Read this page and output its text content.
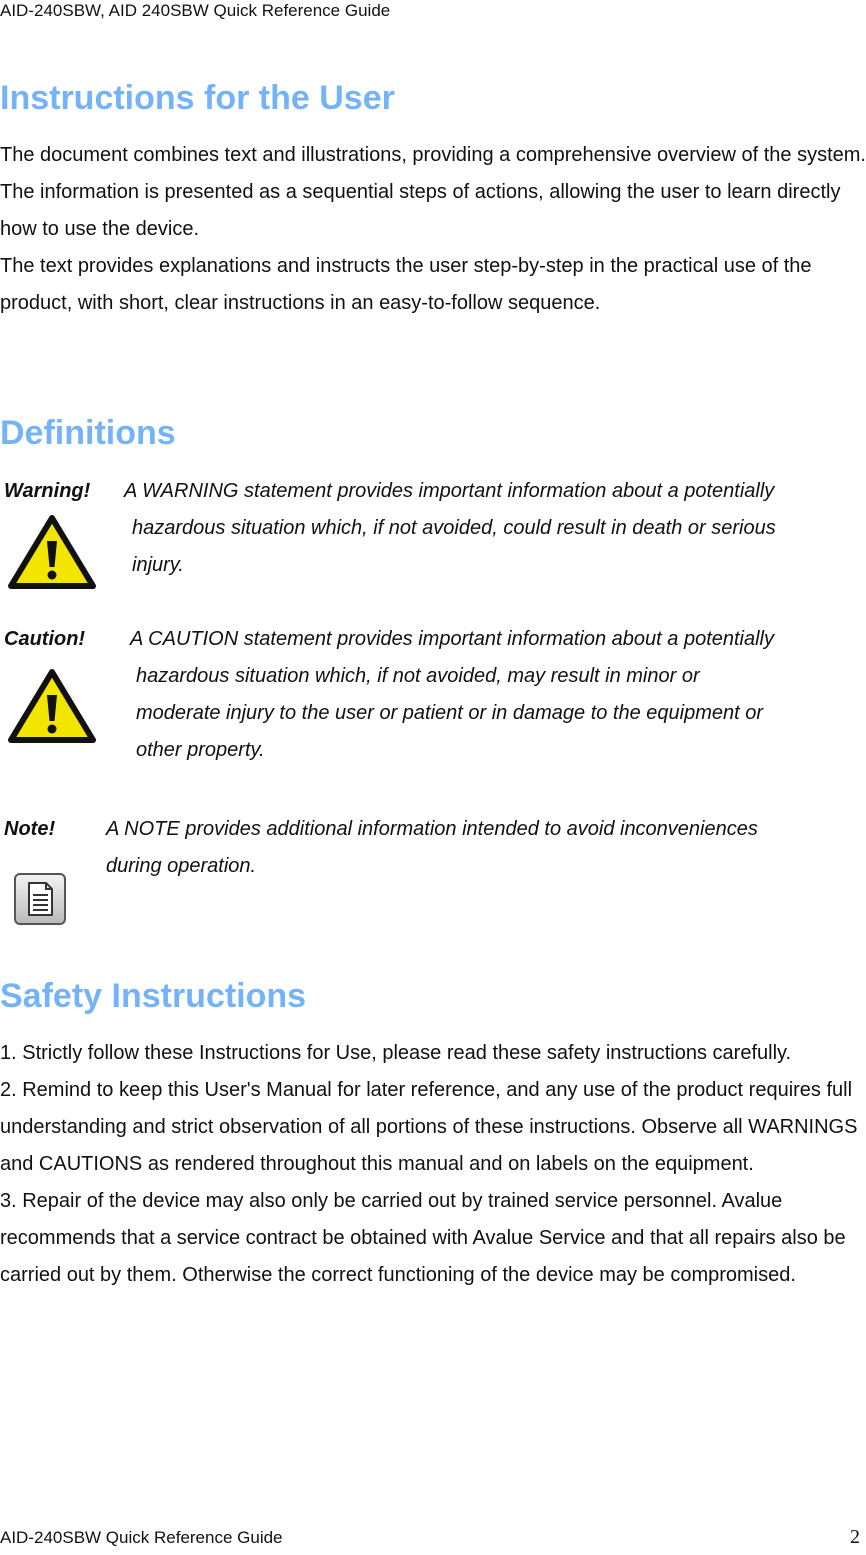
AID-240SBW, AID 240SBW Quick Reference Guide
Instructions for the User

The document combines text and illustrations, providing a comprehensive overview of the system. The information is presented as a sequential steps of actions, allowing the user to learn directly how to use the device.

The text provides explanations and instructs the user step-by-step in the practical use of the product, with short, clear instructions in an easy-to-follow sequence.

Definitions
Warning! A WARNING statement provides important information about a potentially
hazardous situation which, if not avoided, could result in death or serious
injury.
Caution! A CAUTION statement provides important information about a potentially
hazardous situation which, if not avoided, may result in minor or
moderate injury to the user or patient or in damage to the equipment or
other property.
Note!	A NOTE provides additional information intended to avoid inconveniences
during operation.
Safety Instructions

1. Strictly follow these Instructions for Use, please read these safety instructions carefully.

2. Remind to keep this User's Manual for later reference, and any use of the product requires full understanding and strict observation of all portions of these instructions. Observe all WARNINGS and CAUTIONS as rendered throughout this manual and on labels on the equipment.

3. Repair of the device may also only be carried out by trained service personnel. Avalue recommends that a service contract be obtained with Avalue Service and that all repairs also be carried out by them. Otherwise the correct functioning of the device may be compromised.

AID-240SBW Quick Reference Guide	2
